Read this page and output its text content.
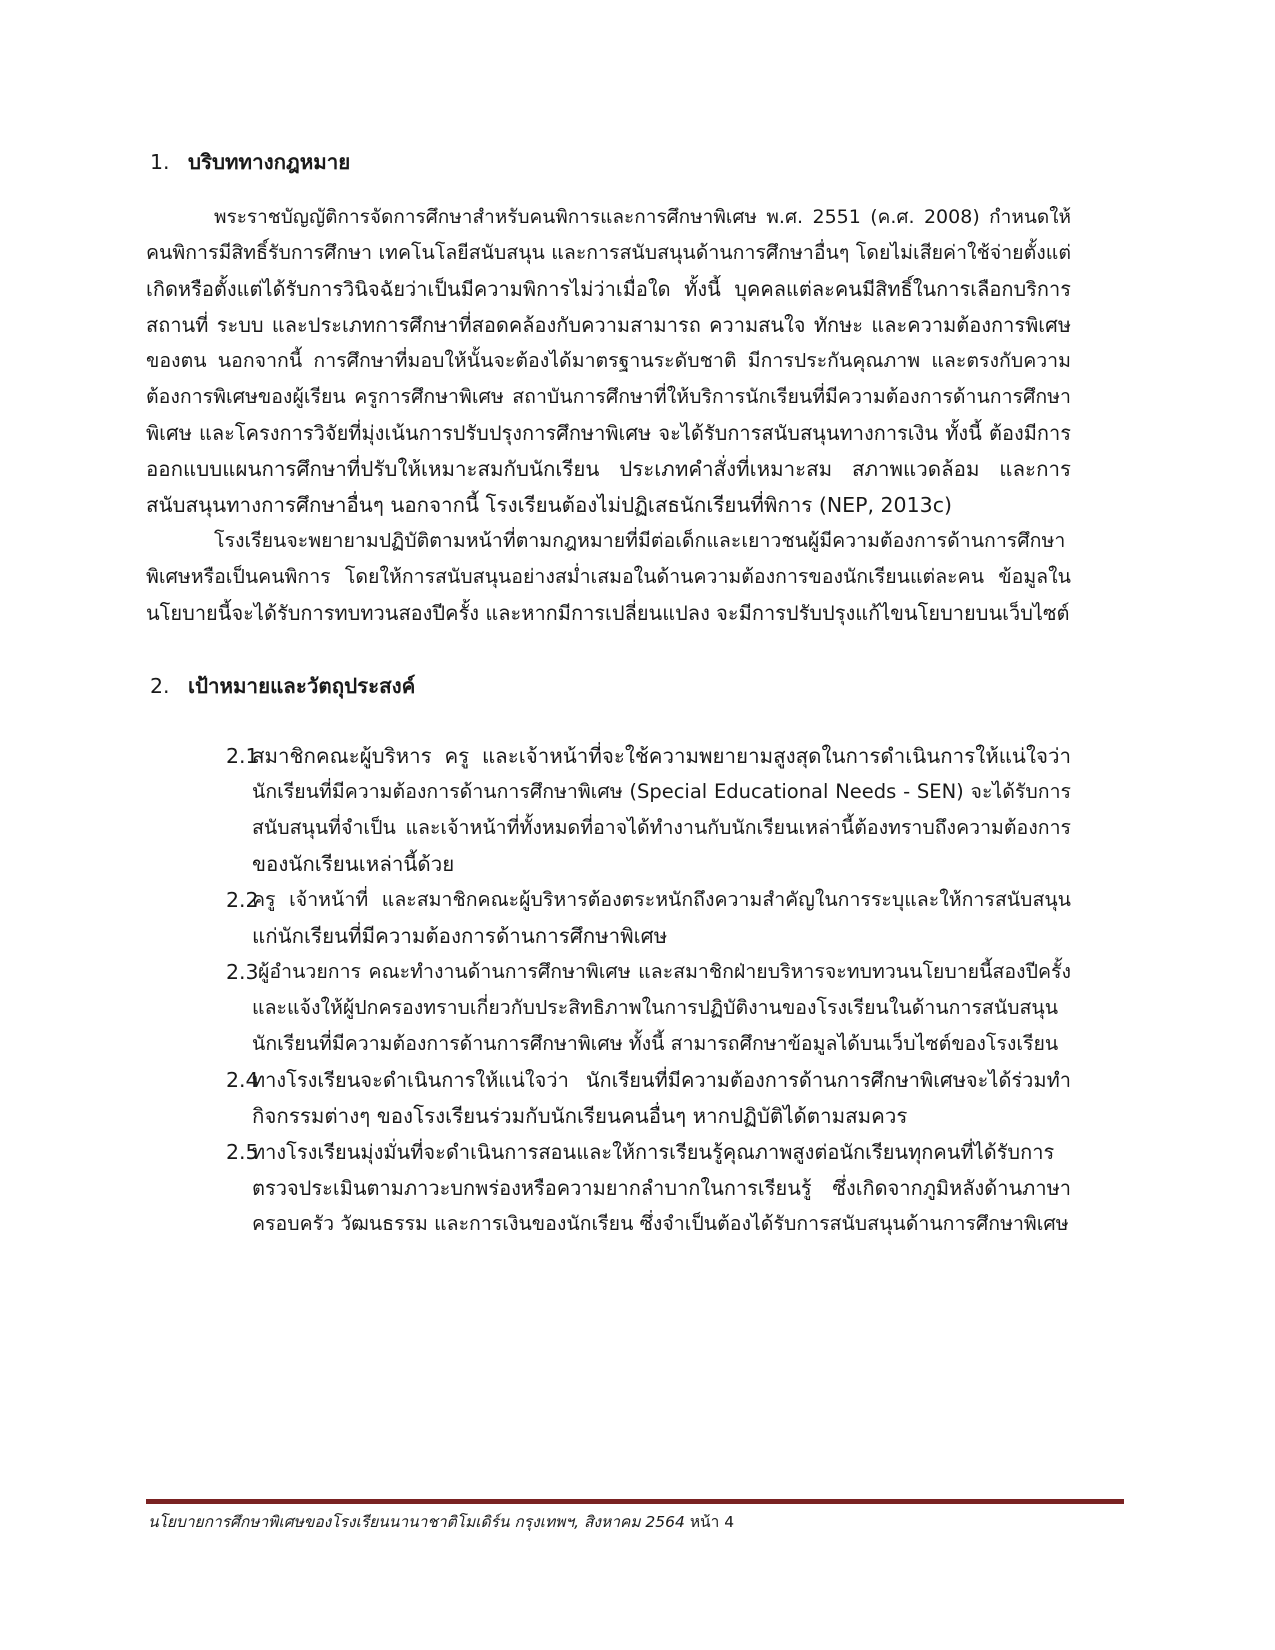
1. บริบททางกฎหมาย
พระราชบัญญัติการจัดการศึกษาสำหรับคนพิการและการศึกษาพิเศษ พ.ศ. 2551 (ค.ศ. 2008) กำหนดให้
คนพิการมีสิทธิ์รับการศึกษา เทคโนโลยีสนับสนุน และการสนับสนุนด้านการศึกษาอื่นๆ โดยไม่เสียค่าใช้จ่ายตั้งแต่
เกิดหรือตั้งแต่ได้รับการวินิจฉัยว่าเป็นมีความพิการไม่ว่าเมื่อใด ทั้งนี้ บุคคลแต่ละคนมีสิทธิ์ในการเลือกบริการ
สถานที่ ระบบ และประเภทการศึกษาที่สอดคล้องกับความสามารถ ความสนใจ ทักษะ และความต้องการพิเศษ
ของตน นอกจากนี้ การศึกษาที่มอบให้นั้นจะต้องได้มาตรฐานระดับชาติ มีการประกันคุณภาพ และตรงกับความ
ต้องการพิเศษของผู้เรียน ครูการศึกษาพิเศษ สถาบันการศึกษาที่ให้บริการนักเรียนที่มีความต้องการด้านการศึกษา
พิเศษ และโครงการวิจัยที่มุ่งเน้นการปรับปรุงการศึกษาพิเศษ จะได้รับการสนับสนุนทางการเงิน ทั้งนี้ ต้องมีการ
ออกแบบแผนการศึกษาที่ปรับให้เหมาะสมกับนักเรียน ประเภทคำสั่งที่เหมาะสม สภาพแวดล้อม และการ
สนับสนุนทางการศึกษาอื่นๆ นอกจากนี้ โรงเรียนต้องไม่ปฏิเสธนักเรียนที่พิการ (NEP, 2013c)
โรงเรียนจะพยายามปฏิบัติตามหน้าที่ตามกฎหมายที่มีต่อเด็กและเยาวชนผู้มีความต้องการด้านการศึกษา
พิเศษหรือเป็นคนพิการ โดยให้การสนับสนุนอย่างสม่ำเสมอในด้านความต้องการของนักเรียนแต่ละคน ข้อมูลใน
นโยบายนี้จะได้รับการทบทวนสองปีครั้ง และหากมีการเปลี่ยนแปลง จะมีการปรับปรุงแก้ไขนโยบายบนเว็บไซต์
2. เป้าหมายและวัตถุประสงค์
2.1
สมาชิกคณะผู้บริหาร ครู และเจ้าหน้าที่จะใช้ความพยายามสูงสุดในการดำเนินการให้แน่ใจว่า
นักเรียนที่มีความต้องการด้านการศึกษาพิเศษ (Special Educational Needs - SEN) จะได้รับการ
สนับสนุนที่จำเป็น และเจ้าหน้าที่ทั้งหมดที่อาจได้ทำงานกับนักเรียนเหล่านี้ต้องทราบถึงความต้องการ
ของนักเรียนเหล่านี้ด้วย
2.2
ครู เจ้าหน้าที่ และสมาชิกคณะผู้บริหารต้องตระหนักถึงความสำคัญในการระบุและให้การสนับสนุน
แก่นักเรียนที่มีความต้องการด้านการศึกษาพิเศษ
2.3 ผู้อำนวยการ คณะทำงานด้านการศึกษาพิเศษ และสมาชิกฝ่ายบริหารจะทบทวนนโยบายนี้สองปีครั้ง
และแจ้งให้ผู้ปกครองทราบเกี่ยวกับประสิทธิภาพในการปฏิบัติงานของโรงเรียนในด้านการสนับสนุน
นักเรียนที่มีความต้องการด้านการศึกษาพิเศษ ทั้งนี้ สามารถศึกษาข้อมูลได้บนเว็บไซต์ของโรงเรียน
2.4
ทางโรงเรียนจะดำเนินการให้แน่ใจว่า นักเรียนที่มีความต้องการด้านการศึกษาพิเศษจะได้ร่วมทำ
กิจกรรมต่างๆ ของโรงเรียนร่วมกับนักเรียนคนอื่นๆ หากปฏิบัติได้ตามสมควร
2.5
ทางโรงเรียนมุ่งมั่นที่จะดำเนินการสอนและให้การเรียนรู้คุณภาพสูงต่อนักเรียนทุกคนที่ได้รับการ
ตรวจประเมินตามภาวะบกพร่องหรือความยากลำบากในการเรียนรู้ ซึ่งเกิดจากภูมิหลังด้านภาษา
ครอบครัว วัฒนธรรม และการเงินของนักเรียน ซึ่งจำเป็นต้องได้รับการสนับสนุนด้านการศึกษาพิเศษ
นโยบายการศึกษาพิเศษของโรงเรียนนานาชาติโมเดิร์น กรุงเทพฯ, สิงหาคม 2564 หน้า 4
